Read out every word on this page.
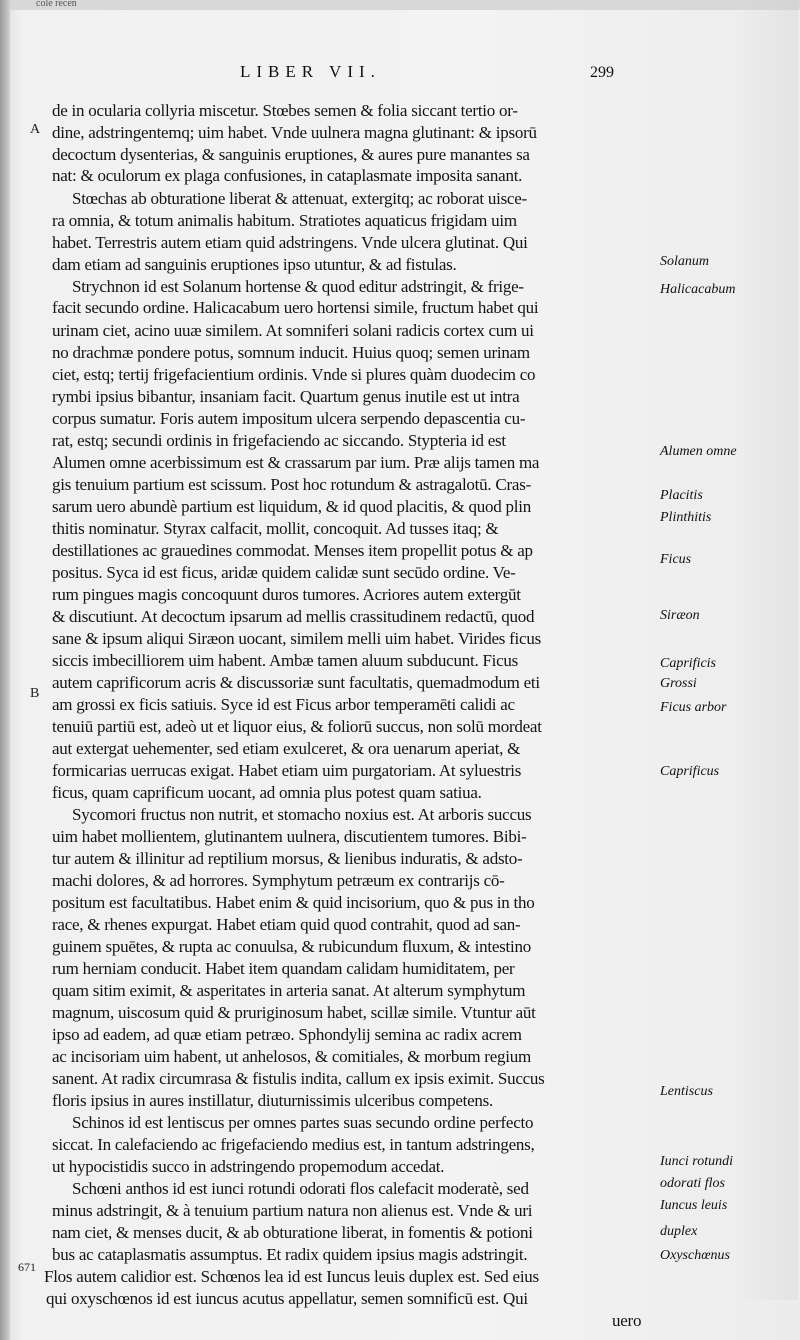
cole recen
LIBER VII.	299
A
B
671
de in ocularia collyria miscetur. Stœbes semen & folia siccant tertio or-
dine, adstringentemq; uim habet. Vnde uulnera magna glutinant: & ipsorū
decoctum dysenterias, & sanguinis eruptiones, & aures pure manantes sa
nat: & oculorum ex plaga confusiones, in cataplasmate imposita sanant.
Stœchas ab obturatione liberat & attenuat, extergitq; ac roborat uisce-
ra omnia, & totum animalis habitum. Stratiotes aquaticus frigidam uim
habet. Terrestris autem etiam quid adstringens. Vnde ulcera glutinat. Qui
dam etiam ad sanguinis eruptiones ipso utuntur, & ad fistulas.
Strychnon id est Solanum hortense & quod editur adstringit, & frige-
facit secundo ordine. Halicacabum uero hortensi simile, fructum habet qui
urinam ciet, acino uuæ similem. At somniferi solani radicis cortex cum ui
no drachmæ pondere potus, somnum inducit. Huius quoq; semen urinam
ciet, estq; tertij frigefacientium ordinis. Vnde si plures quàm duodecim co
rymbi ipsius bibantur, insaniam facit. Quartum genus inutile est ut intra
corpus sumatur. Foris autem impositum ulcera serpendo depascentia cu-
rat, estq; secundi ordinis in frigefaciendo ac siccando. Stypteria id est
Alumen omne acerbissimum est & crassarum par ium. Præ alijs tamen ma
gis tenuium partium est scissum. Post hoc rotundum & astragalotū. Cras-
sarum uero abundè partium est liquidum, & id quod placitis, & quod plin
thitis nominatur. Styrax calfacit, mollit, concoquit. Ad tusses itaq; &
destillationes ac grauedines commodat. Menses item propellit potus & ap
positus. Syca id est ficus, aridæ quidem calidæ sunt secūdo ordine. Ve-
rum pingues magis concoquunt duros tumores. Acriores autem extergūt
& discutiunt. At decoctum ipsarum ad mellis crassitudinem redactū, quod
sane & ipsum aliqui Siræon uocant, similem melli uim habet. Virides ficus
siccis imbecilliorem uim habent. Ambæ tamen aluum subducunt. Ficus
autem caprificorum acris & discussoriæ sunt facultatis, quemadmodum eti
am grossi ex ficis satiuis. Syce id est Ficus arbor temperamēti calidi ac
tenuiū partiū est, adeò ut et liquor eius, & foliorū succus, non solū mordeat
aut extergat uehementer, sed etiam exulceret, & ora uenarum aperiat, &
formicarias uerrucas exigat. Habet etiam uim purgatoriam. At syluestris
ficus, quam caprificum uocant, ad omnia plus potest quam satiua.
Sycomori fructus non nutrit, et stomacho noxius est. At arboris succus
uim habet mollientem, glutinantem uulnera, discutientem tumores. Bibi-
tur autem & illinitur ad reptilium morsus, & lienibus induratis, & adsto-
machi dolores, & ad horrores. Symphytum petræum ex contrarijs cō-
positum est facultatibus. Habet enim & quid incisorium, quo & pus in tho
race, & rhenes expurgat. Habet etiam quid quod contrahit, quod ad san-
guinem spuētes, & rupta ac conuulsa, & rubicundum fluxum, & intestino
rum herniam conducit. Habet item quandam calidam humiditatem, per
quam sitim eximit, & asperitates in arteria sanat. At alterum symphytum
magnum, uiscosum quid & pruriginosum habet, scillæ simile. Vtuntur aūt
ipso ad eadem, ad quæ etiam petræo. Sphondylij semina ac radix acrem
ac incisoriam uim habent, ut anhelosos, & comitiales, & morbum regium
sanent. At radix circumrasa & fistulis indita, callum ex ipsis eximit. Succus
floris ipsius in aures instillatur, diuturnissimis ulceribus competens.
Schinos id est lentiscus per omnes partes suas secundo ordine perfecto
siccat. In calefaciendo ac frigefaciendo medius est, in tantum adstringens,
ut hypocistidis succo in adstringendo propemodum accedat.
Schœni anthos id est iunci rotundi odorati flos calefacit moderatè, sed
minus adstringit, & à tenuium partium natura non alienus est. Vnde & uri
nam ciet, & menses ducit, & ab obturatione liberat, in fomentis & potioni
bus ac cataplasmatis assumptus. Et radix quidem ipsius magis adstringit.
Flos autem calidior est. Schœnos lea id est Iuncus leuis duplex est. Sed eius
qui oxyschœnos id est iuncus acutus appellatur, semen somnificū est. Qui
uero
Solanum
Halicacabum
Alumen omne
Placitis
Plinthitis
Ficus
Siræon
Caprificis
Grossi
Ficus arbor
Caprificus
Lentiscus
Iunci rotundi
odorati flos
Iuncus leuis
duplex
Oxyschœnus
